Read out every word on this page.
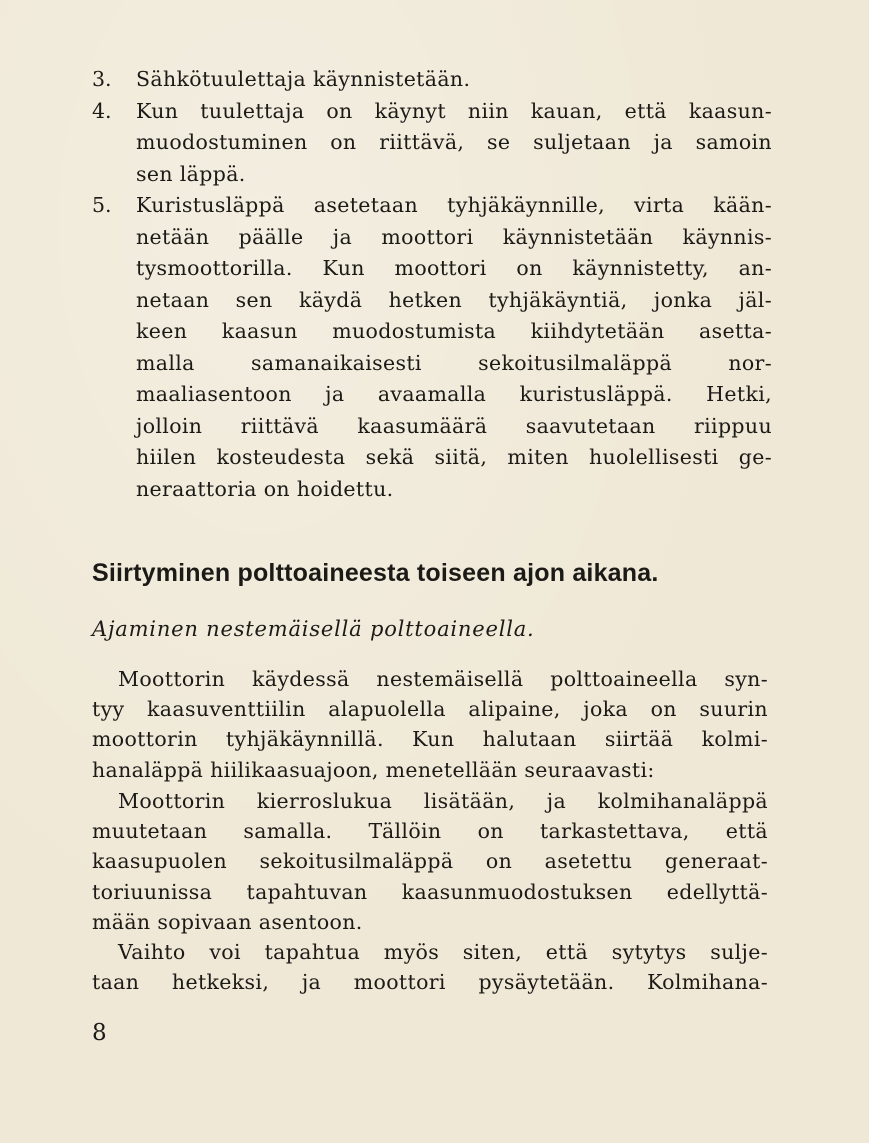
3.	Sähkötuulettaja käynnistetään.
4.	Kun tuulettaja on käynyt niin kauan, että kaasun-
muodostuminen on riittävä, se suljetaan ja samoin
sen läppä.
5.	Kuristusläppä asetetaan tyhjäkäynnille, virta kään-
netään päälle ja moottori käynnistetään käynnis-
tysmoottorilla. Kun moottori on käynnistetty, an-
netaan sen käydä hetken tyhjäkäyntiä, jonka jäl-
keen kaasun muodostumista kiihdytetään asetta-
malla samanaikaisesti sekoitusilmaläppä nor-
maaliasentoon ja avaamalla kuristusläppä. Hetki,
jolloin riittävä kaasumäärä saavutetaan riippuu
hiilen kosteudesta sekä siitä, miten huolellisesti ge-
neraattoria on hoidettu.
Siirtyminen polttoaineesta toiseen ajon aikana.
Ajaminen nestemäisellä polttoaineella.
Moottorin käydessä nestemäisellä polttoaineella syn-
tyy kaasuventtiilin alapuolella alipaine, joka on suurin
moottorin tyhjäkäynnillä. Kun halutaan siirtää kolmi-
hanaläppä hiilikaasuajoon, menetellään seuraavasti:
Moottorin kierroslukua lisätään, ja kolmihanaläppä
muutetaan samalla. Tällöin on tarkastettava, että
kaasupuolen sekoitusilmaläppä on asetettu generaat-
toriuunissa tapahtuvan kaasunmuodostuksen edellyttä-
mään sopivaan asentoon.
Vaihto voi tapahtua myös siten, että sytytys sulje-
taan hetkeksi, ja moottori pysäytetään. Kolmihana-
8
